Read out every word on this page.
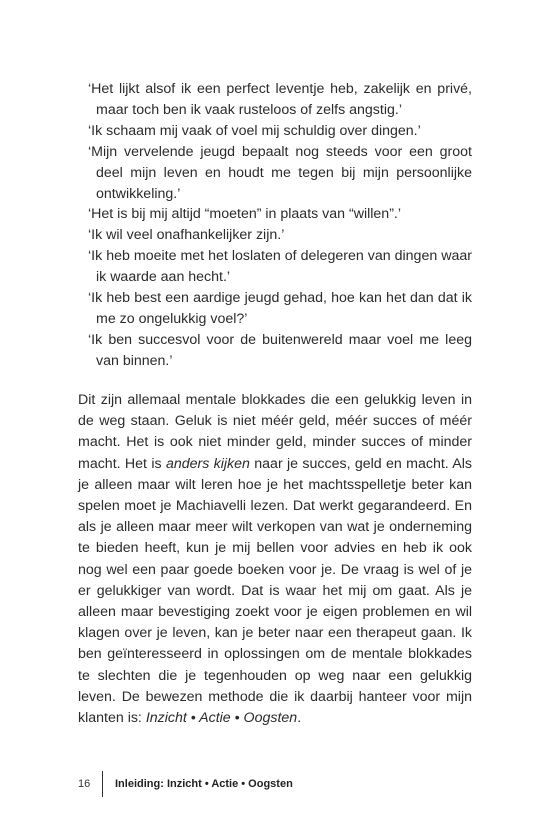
‘Het lijkt alsof ik een perfect leventje heb, zakelijk en privé, maar toch ben ik vaak rusteloos of zelfs angstig.’
‘Ik schaam mij vaak of voel mij schuldig over dingen.’
‘Mijn vervelende jeugd bepaalt nog steeds voor een groot deel mijn leven en houdt me tegen bij mijn persoonlijke ontwikkeling.’
‘Het is bij mij altijd “moeten” in plaats van “willen”.’
‘Ik wil veel onafhankelijker zijn.’
‘Ik heb moeite met het loslaten of delegeren van dingen waar ik waarde aan hecht.’
‘Ik heb best een aardige jeugd gehad, hoe kan het dan dat ik me zo ongelukkig voel?’
‘Ik ben succesvol voor de buitenwereld maar voel me leeg van binnen.’

Dit zijn allemaal mentale blokkades die een gelukkig leven in de weg staan. Geluk is niet méér geld, méér succes of méér macht. Het is ook niet minder geld, minder succes of minder macht. Het is anders kijken naar je succes, geld en macht. Als je alleen maar wilt leren hoe je het machtsspelletje beter kan spelen moet je Machiavelli lezen. Dat werkt gegarandeerd. En als je alleen maar meer wilt verkopen van wat je onderneming te bieden heeft, kun je mij bellen voor advies en heb ik ook nog wel een paar goede boeken voor je. De vraag is wel of je er gelukkiger van wordt. Dat is waar het mij om gaat. Als je alleen maar bevestiging zoekt voor je eigen problemen en wil klagen over je leven, kan je beter naar een therapeut gaan. Ik ben geïnteresseerd in oplossingen om de mentale blokkades te slechten die je tegenhouden op weg naar een gelukkig leven. De bewezen methode die ik daarbij hanteer voor mijn klanten is: Inzicht • Actie • Oogsten.

16	Inleiding: Inzicht • Actie • Oogsten
